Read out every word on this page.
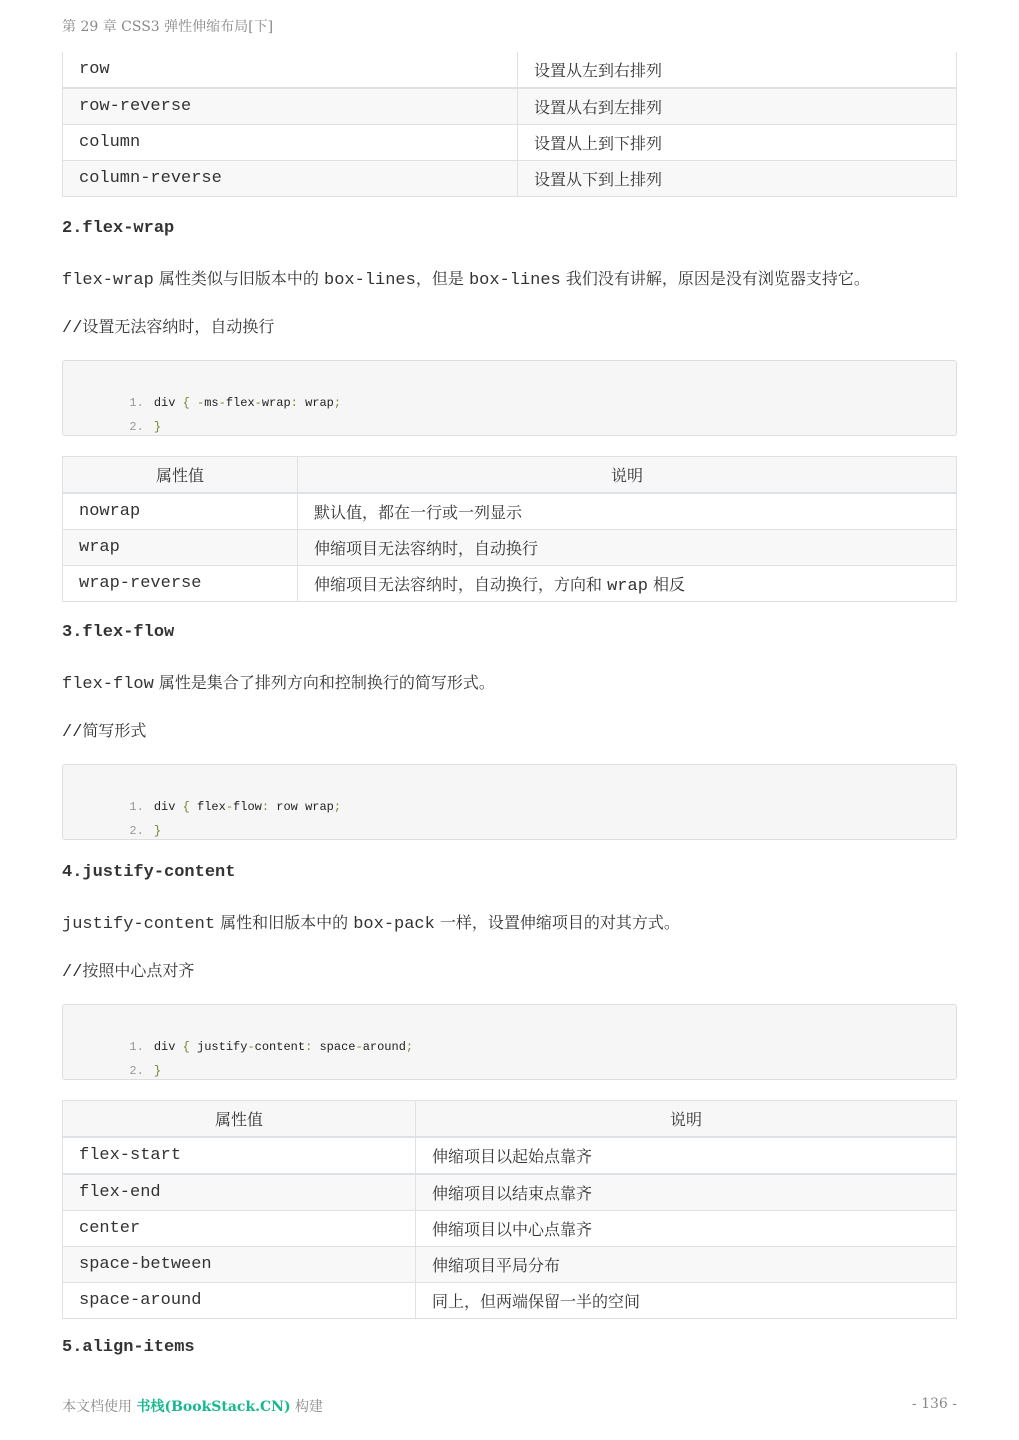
第 29 章 CSS3 弹性伸缩布局[下]
row	设置从左到右排列
row-reverse	设置从右到左排列
column	设置从上到下排列
column-reverse	设置从下到上排列
2.flex-wrap
flex-wrap 属性类似与旧版本中的 box-lines，但是 box-lines 我们没有讲解，原因是没有浏览器支持它。
//设置无法容纳时，自动换行

1. div { -ms-flex-wrap: wrap;

2. }

属性值	说明
nowrap	默认值，都在一行或一列显示
wrap	伸缩项目无法容纳时，自动换行
wrap-reverse	伸缩项目无法容纳时，自动换行，方向和 wrap 相反
3.flex-flow
flex-flow 属性是集合了排列方向和控制换行的简写形式。
//简写形式

1. div { flex-flow: row wrap;

2. }

4.justify-content
justify-content 属性和旧版本中的 box-pack 一样，设置伸缩项目的对其方式。
//按照中心点对齐

1. div { justify-content: space-around;

2. }

属性值	说明
flex-start	伸缩项目以起始点靠齐
flex-end	伸缩项目以结束点靠齐
center	伸缩项目以中心点靠齐
space-between	伸缩项目平局分布
space-around	同上，但两端保留一半的空间
5.align-items
本文档使用 书栈(BookStack.CN) 构建	- 136 -
